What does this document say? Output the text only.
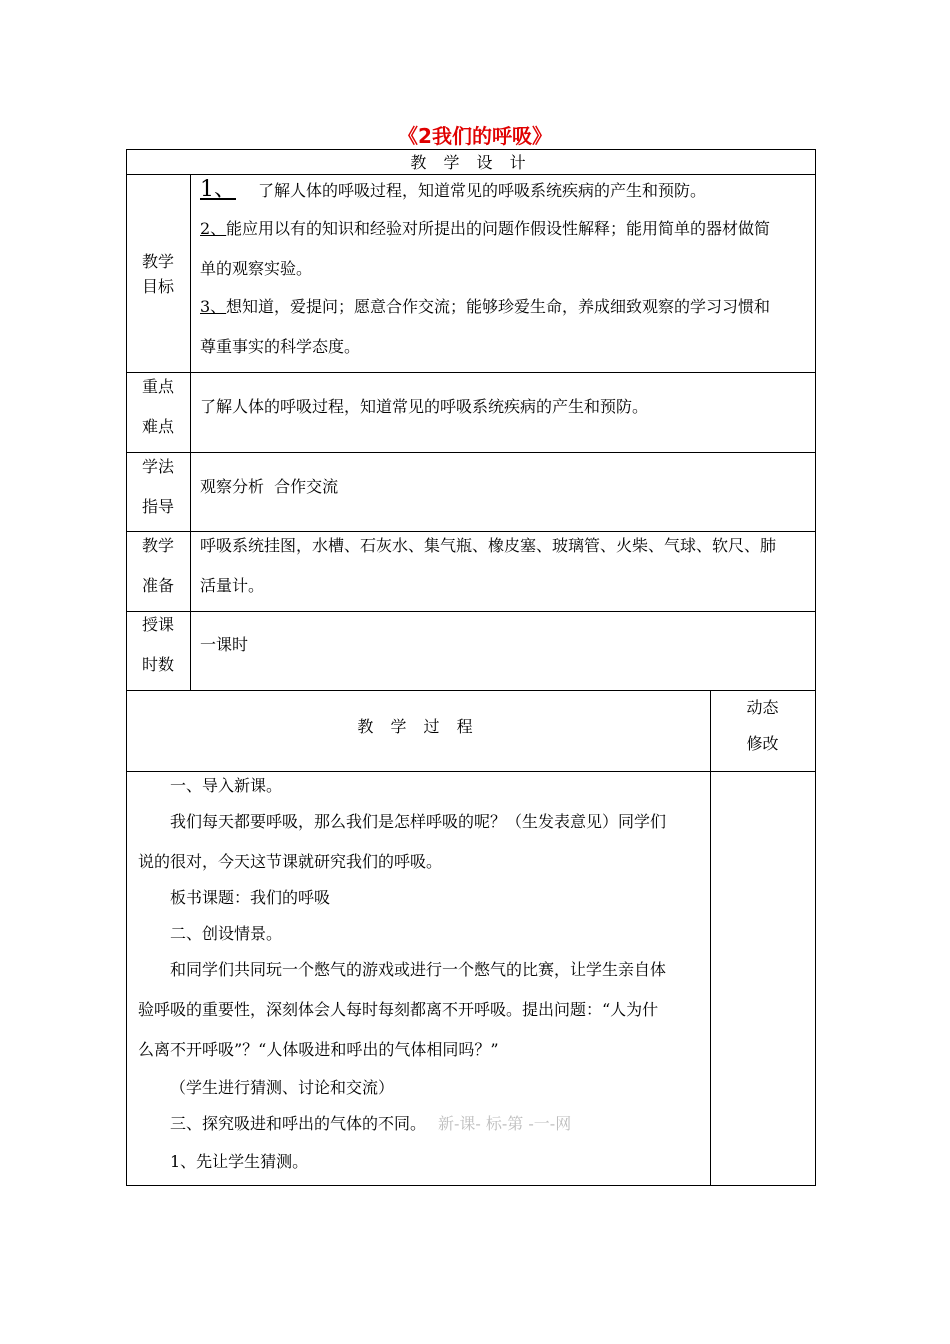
《2我们的呼吸》
教 学 设 计
教学
目标
1、 了解人体的呼吸过程，知道常见的呼吸系统疾病的产生和预防。
2、 能应用以有的知识和经验对所提出的问题作假设性解释；能用简单的器材做简
单的观察实验。
3、 想知道，爱提问；愿意合作交流；能够珍爱生命，养成细致观察的学习习惯和
尊重事实的科学态度。
重点
难点
了解人体的呼吸过程，知道常见的呼吸系统疾病的产生和预防。
学法
指导
观察分析  合作交流
教学
准备
呼吸系统挂图，水槽、石灰水、集气瓶、橡皮塞、玻璃管、火柴、气球、软尺、肺
活量计。
授课
时数
一课时
教 学 过 程
动态
修改
一、导入新课。
我们每天都要呼吸，那么我们是怎样呼吸的呢？（生发表意见）同学们
说的很对，今天这节课就研究我们的呼吸。
板书课题：我们的呼吸
二、创设情景。
和同学们共同玩一个憋气的游戏或进行一个憋气的比赛，让学生亲自体
验呼吸的重要性，深刻体会人每时每刻都离不开呼吸。提出问题：“人为什
么离不开呼吸”？“人体吸进和呼出的气体相同吗？”
（学生进行猜测、讨论和交流）
三、探究吸进和呼出的气体的不同。 新-课- 标-第 -一-网
1、先让学生猜测。
